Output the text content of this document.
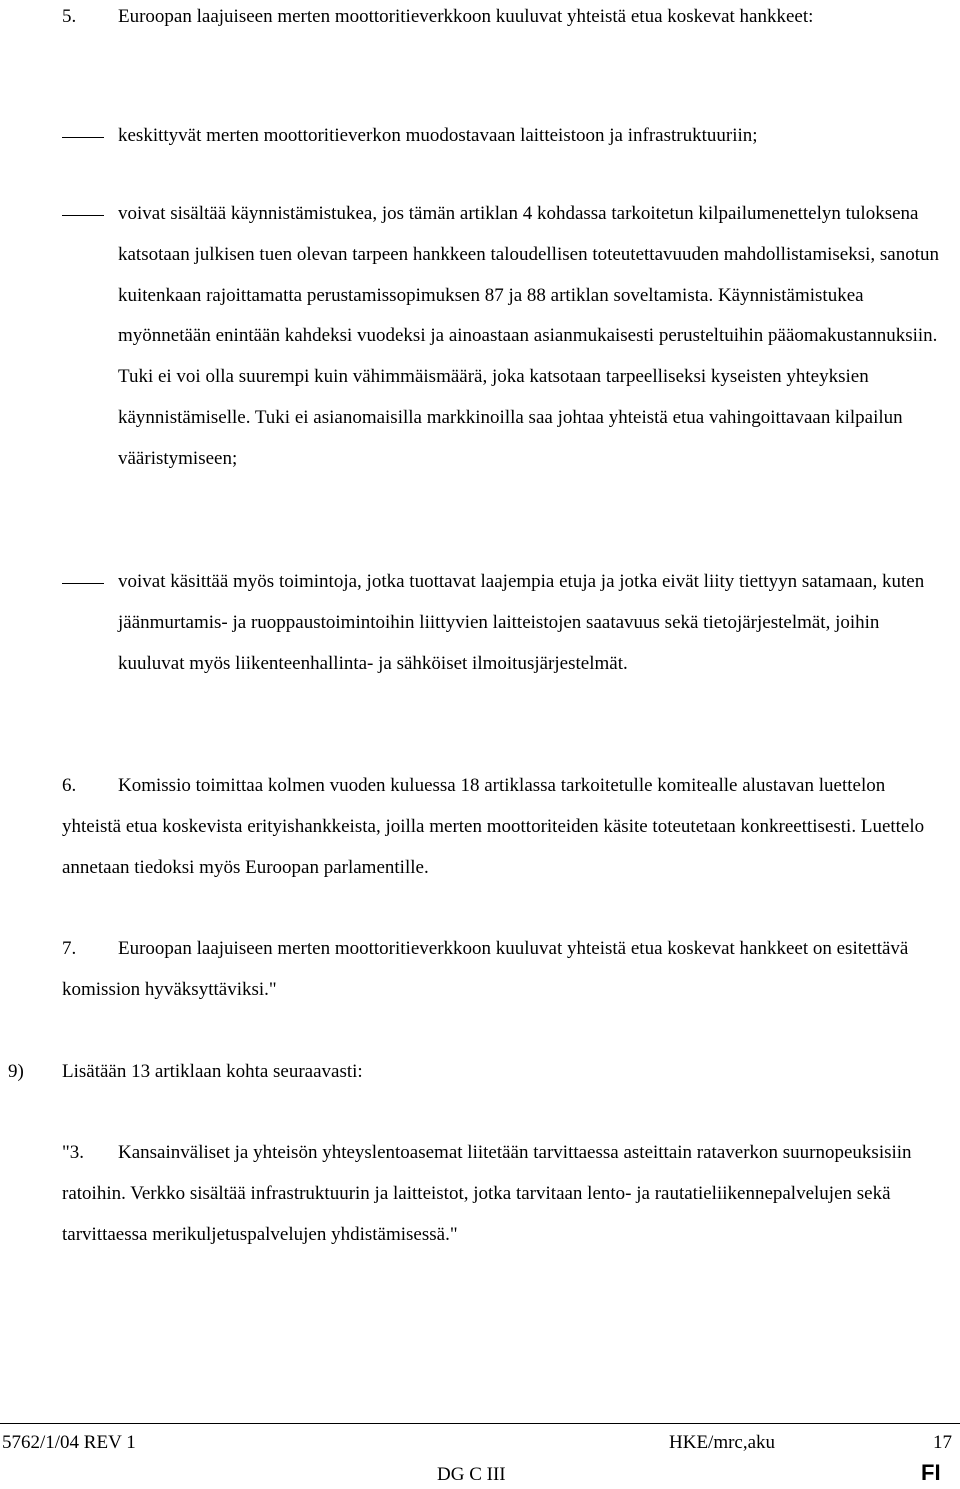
5.	Euroopan laajuiseen merten moottoritieverkkoon kuuluvat yhteistä etua koskevat hankkeet:
keskittyvät merten moottoritieverkon muodostavaan laitteistoon ja infrastruktuuriin;
voivat sisältää käynnistämistukea, jos tämän artiklan 4 kohdassa tarkoitetun kilpailumenettelyn tuloksena katsotaan julkisen tuen olevan tarpeen hankkeen taloudellisen toteutettavuuden mahdollistamiseksi, sanotun kuitenkaan rajoittamatta perustamissopimuksen 87 ja 88 artiklan soveltamista. Käynnistämistukea myönnetään enintään kahdeksi vuodeksi ja ainoastaan asianmukaisesti perusteltuihin pääomakustannuksiin. Tuki ei voi olla suurempi kuin vähimmäismäärä, joka katsotaan tarpeelliseksi kyseisten yhteyksien käynnistämiselle. Tuki ei asianomaisilla markkinoilla saa johtaa yhteistä etua vahingoittavaan kilpailun vääristymiseen;
voivat käsittää myös toimintoja, jotka tuottavat laajempia etuja ja jotka eivät liity tiettyyn satamaan, kuten jäänmurtamis- ja ruoppaustoimintoihin liittyvien laitteistojen saatavuus sekä tietojärjestelmät, joihin kuuluvat myös liikenteenhallinta- ja sähköiset ilmoitusjärjestelmät.
6.	Komissio toimittaa kolmen vuoden kuluessa 18 artiklassa tarkoitetulle komitealle alustavan luettelon yhteistä etua koskevista erityishankkeista, joilla merten moottoriteiden käsite toteutetaan konkreettisesti. Luettelo annetaan tiedoksi myös Euroopan parlamentille.
7.	Euroopan laajuiseen merten moottoritieverkkoon kuuluvat yhteistä etua koskevat hankkeet on esitettävä komission hyväksyttäviksi."
9) Lisätään 13 artiklaan kohta seuraavasti:
"3.	Kansainväliset ja yhteisön yhteyslentoasemat liitetään tarvittaessa asteittain rataverkon suurnopeuksisiin ratoihin. Verkko sisältää infrastruktuurin ja laitteistot, jotka tarvitaan lento- ja rautatieliikennepalvelujen sekä tarvittaessa merikuljetuspalvelujen yhdistämisessä."
5762/1/04 REV 1	HKE/mrc,aku	17
DG C III	FI
